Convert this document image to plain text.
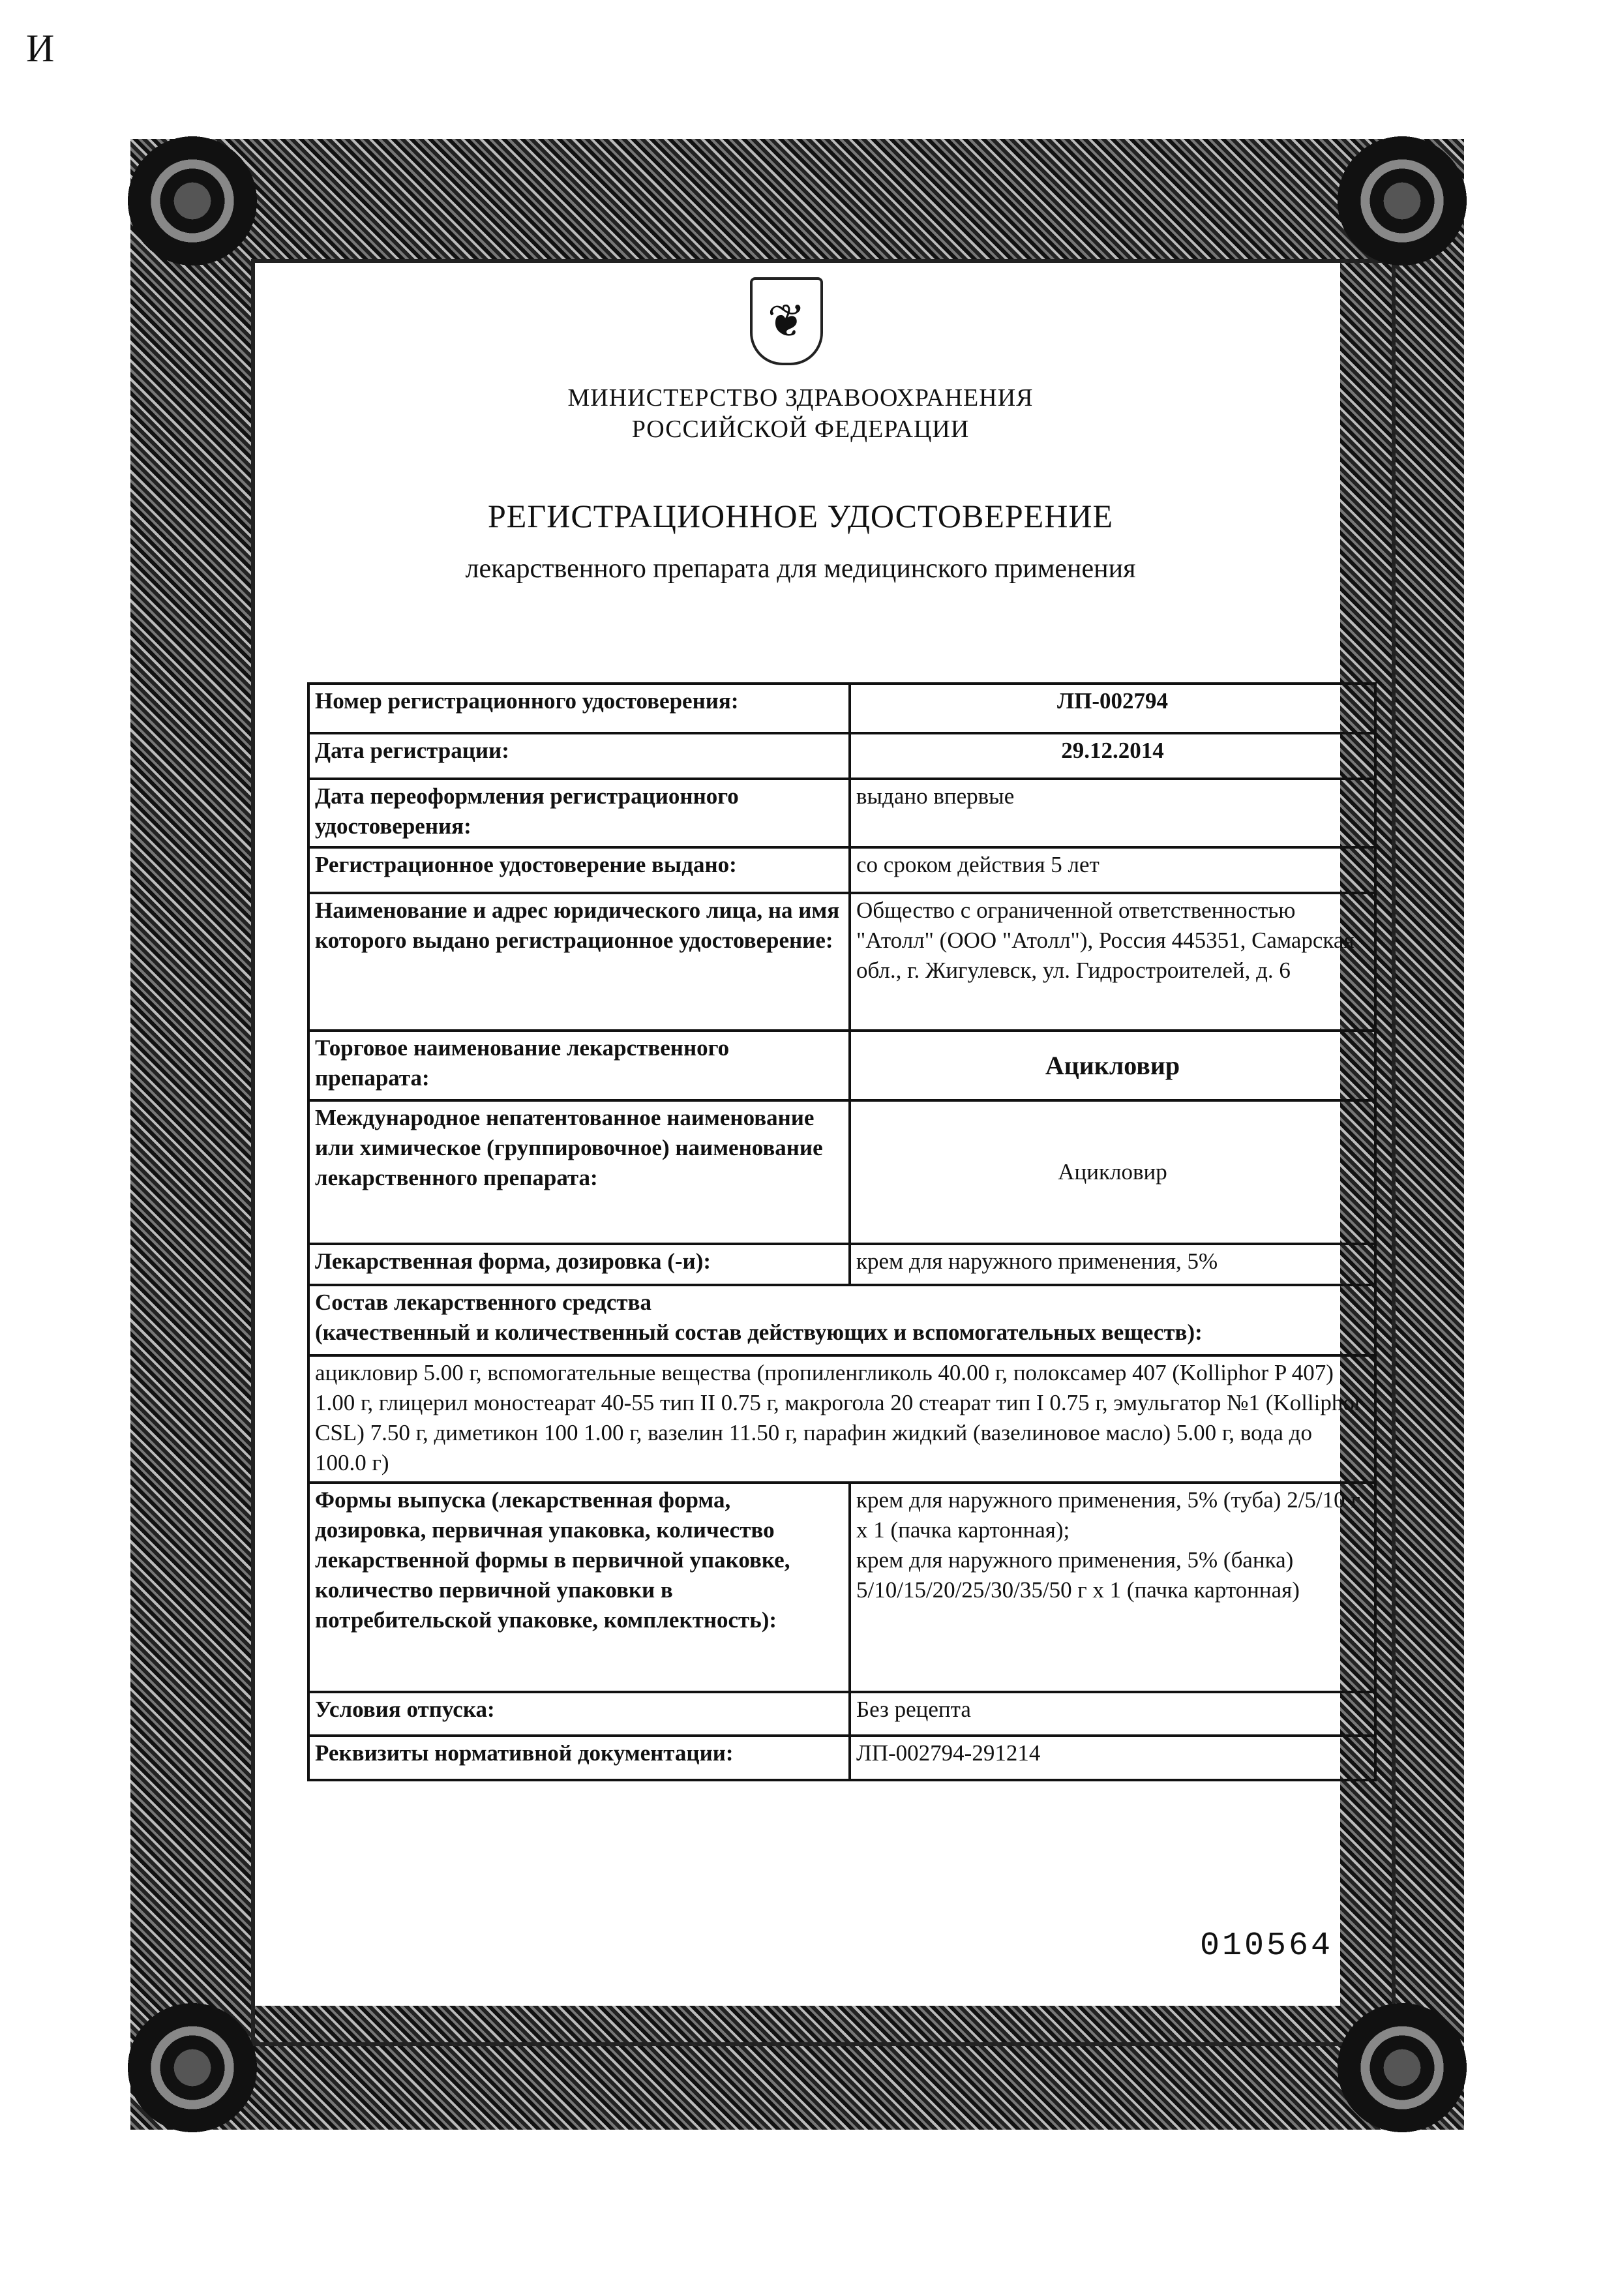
И
❦
МИНИСТЕРСТВО ЗДРАВООХРАНЕНИЯ
РОССИЙСКОЙ ФЕДЕРАЦИИ
РЕГИСТРАЦИОННОЕ УДОСТОВЕРЕНИЕ
лекарственного препарата для медицинского применения
Номер регистрационного удостоверения:	ЛП-002794
Дата регистрации:	29.12.2014
Дата переоформления регистрационного удостоверения:	выдано впервые
Регистрационное удостоверение выдано:	со сроком действия 5 лет
Наименование и адрес юридического лица, на имя которого выдано регистрационное удостоверение:	Общество с ограниченной ответственностью "Атолл" (ООО "Атолл"), Россия 445351, Самарская обл., г. Жигулевск, ул. Гидростроителей, д. 6
Торговое наименование лекарственного препарата:	Ацикловир
Международное непатентованное наименование или химическое (группировочное) наименование лекарственного препарата:	Ацикловир
Лекарственная форма, дозировка (-и):	крем для наружного применения, 5%

Состав лекарственного средства
(качественный и количественный состав действующих и вспомогательных веществ):	

ацикловир 5.00 г, вспомогательные вещества (пропиленгликоль 40.00 г, полоксамер 407 (Kolliphor P 407) 1.00 г, глицерил моностеарат 40-55 тип II 0.75 г, макрогола 20 стеарат тип I 0.75 г, эмульгатор №1 (Kolliphor CSL) 7.50 г, диметикон 100 1.00 г, вазелин 11.50 г, парафин жидкий (вазелиновое масло) 5.00 г, вода до 100.0 г)	
Формы выпуска (лекарственная форма, дозировка, первичная упаковка, количество лекарственной формы в первичной упаковке, количество первичной упаковки в потребительской упаковке, комплектность):	крем для наружного применения, 5% (туба) 2/5/10 г х 1 (пачка картонная);
крем для наружного применения, 5% (банка) 5/10/15/20/25/30/35/50 г х 1 (пачка картонная)

Условия отпуска:	Без рецепта
Реквизиты нормативной документации:	ЛП-002794-291214
010564
